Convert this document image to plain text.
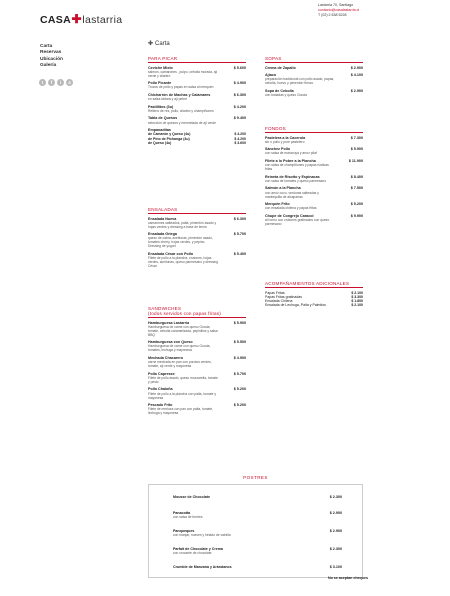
CASA✚lastarria
Lastarria 70, Santiago
contacto@casalastarria.cl
T (02) 2 638 5228
Carta
Reservas
Ubicación
Galería
t	f	i	4
✚ Carta
PARA PICAR
Ceviche Mixto
salmón, camarones , pulpo, cebolla morada, ají verde y cilantro
$ 5.600
Pollo Picante
Trozos de pollo y papas en salsa al merquén
$ 4.900
Chicharrón de Machas y Calamares
en salsa tártara y ají pebre
$ 6.300
Pastillitos (3u)
Relleno de res, pollo, cilantro y champiñones
$ 4.200
Tabla de Quesos
selección de quesos y mermelada de ají verde
$ 9.400
Empanaditas
de Camarón y Queso (4u)	$ 4.200
de Pino de Pichanga (4u)	$ 4.200
de Queso (4u)	$ 3.600
ENSALADAS
Ensalada Nueva
camarones salteados, palta, pimentón asado y hojas verdes y dressing a base de limón
$ 6.300
Ensalada Griega
queso de cabra, aceitunas, pimentón asado, tomates cherry, hojas verdes, y pepino. Dressing de yogurt
$ 5.700
Ensalada César con Pollo
Filete de pollo a la plancha, crutones, hojas verdes, aceitunas, queso parmesano y dressing César
$ 5.400
SANDWICHES
(todos servidos con papas fritas)
Hamburguesa Lastarria
Hamburguesa de carne con queso Gouda, tomate, cebolla caramelizada, pepinillos y salsa BBQ
$ 5.900
Hamburguesa con Queso
Hamburguesa de carne con queso Gouda, tomates, lechuga y mayonesa
$ 5.500
Mechada Chacarero
carne mechada en pan con porotos verdes, tomate, ají verde y mayonesa
$ 4.900
Pollo Capresse
Filete de pollo asado, queso mozzarella, tomate y pesto
$ 5.700
Pollo Chaloña
Filete de pollo a la plancha con palta, tomate y mayonesa
$ 5.200
Pescado Frito
Filete de merluza con pan con palta, tomate, lechuga y mayonesa
$ 5.200
SOPAS
Crema de Zapallo	$ 2.900
Ajiaco
preparación tradicional con pollo asado, papas, cebolla, huevo y pimentón fresco
$ 4.100
Sopa de Cebolla
con tostadas y queso Gouda
$ 2.900
FONDOS
Pastelera a la Cacerola
sin o pollo y puré pastelero
$ 7.300
Sánchez Pollo
con salsa de maracuyá y arroz pilaf
$ 5.900
Filete a lo Pobre a la Plancha
con salsa de champiñones y papas rústicas fritas
$ 11.900
Reineta de Risotto y Espinacas
con salsa de tomates y queso parmesano
$ 8.400
Salmón a la Plancha
con arroz coco, verduras salteadas y mantequilla de alcaparras
$ 7.500
Merquén Frito
con ensalada chilena y papas fritas
$ 5.200
Chupe de Congrejo Caracol
al horno con crutones gratinados con queso parmesano
$ 9.900
ACOMPAÑAMIENTOS ADICIONALES
Papas Fritas	$ 2.100
Papas Fritas gratinadas	$ 3.300
Ensalada Chilena	$ 1.800
Ensalada de Lechuga, Palta y Palmitos	$ 2.100
POSTRES
Mousse de Chocolate	$ 2.300
Panacotta
con salsa de berries
$ 2.900
Panqueques
con manjar, nueces y helado de vainilla
$ 2.900
Parfait de Chocolate y Crema
con crocante de chocolate
$ 2.300
Crumble de Manzana y Arándanos	$ 3.100
No se aceptan cheques
